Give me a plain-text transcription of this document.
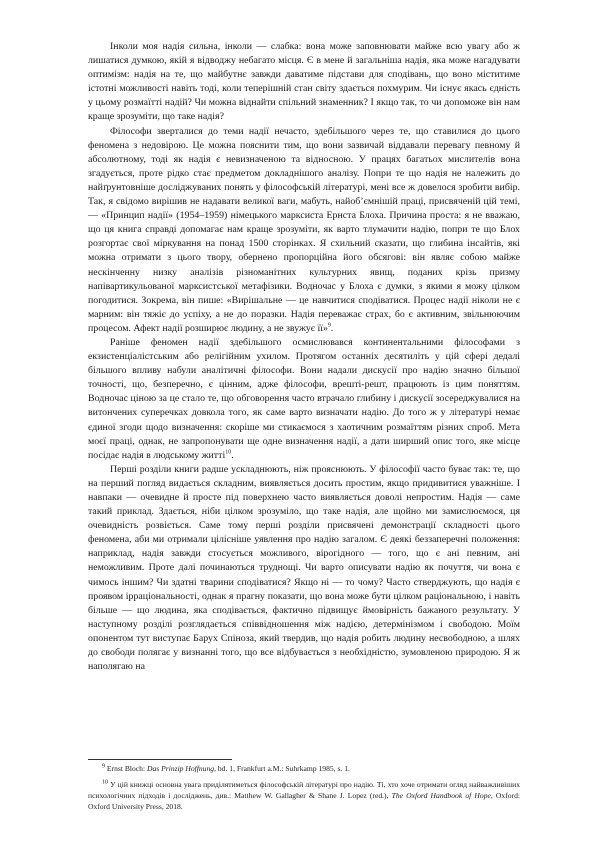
Інколи моя надія сильна, інколи — слабка: вона може заповнювати майже всю увагу або ж лишатися думкою, якій я відводжу небагато місця. Є в мене й загальніша надія, яка може нагадувати оптимізм: надія на те, що майбутнє завжди даватиме підстави для сподівань, що воно міститиме істотні можливості навіть тоді, коли теперішній стан світу здається похмурим. Чи існує якась єдність у цьому розмаїтті надій? Чи можна віднайти спільний знаменник? І якщо так, то чи допоможе він нам краще зрозуміти, що таке надія?

Філософи зверталися до теми надії нечасто, здебільшого через те, що ставилися до цього феномена з недовірою. Це можна пояснити тим, що вони зазвичай віддавали перевагу певному й абсолютному, тоді як надія є невизначеною та відносною. У працях багатьох мислителів вона згадується, проте рідко стає предметом докладнішого аналізу. Попри те що надія не належить до найґрунтовніше досліджуваних понять у філософській літературі, мені все ж довелося зробити вибір. Так, я свідомо вирішив не надавати великої ваги, мабуть, найоб’ємнішій праці, присвяченій цій темі, — «Принцип надії» (1954–1959) німецького марксиста Ернста Блоха. Причина проста: я не вважаю, що ця книга справді допомагає нам краще зрозуміти, як варто тлумачити надію, попри те що Блох розгортає свої міркування на понад 1500 сторінках. Я схильний сказати, що глибина інсайтів, які можна отримати з цього твору, обернено пропорційна його обсягові: він являє собою майже нескінченну низку аналізів різноманітних культурних явищ, поданих крізь призму напівартикульованої марксистської метафізики. Водночас у Блоха є думки, з якими я можу цілком погодитися. Зокрема, він пише: «Вирішальне — це навчитися сподіватися. Процес надії ніколи не є марним: він тяжіє до успіху, а не до поразки. Надія переважає страх, бо є активним, звільнюючим процесом. Афект надії розширює людину, а не звужує її»$^9$.

Раніше феномен надії здебільшого осмислювався континентальними філософами з екзистенціалістським або релігійним ухилом. Протягом останніх десятиліть у цій сфері дедалі більшого впливу набули аналітичні філософи. Вони надали дискусії про надію значно більшої точності, що, безперечно, є цінним, адже філософи, врешті-решт, працюють із цим поняттям. Водночас ціною за це стало те, що обговорення часто втрачало глибину і дискусії зосереджувалися на витончених суперечках довкола того, як саме варто визначати надію. До того ж у літературі немає єдиної згоди щодо визначення: скоріше ми стикаємося з хаотичним розмаїттям різних спроб. Мета моєї праці, однак, не запропонувати ще одне визначення надії, а дати ширший опис того, яке місце посідає надія в людському житті$^{10}$.

Перші розділи книги радше ускладнюють, ніж прояснюють. У філософії часто буває так: те, що на перший погляд видається складним, виявляється досить простим, якщо придивитися уважніше. І навпаки — очевидне й просте під поверхнею часто виявляється доволі непростим. Надія — саме такий приклад. Здається, ніби цілком зрозуміло, що таке надія, але щойно ми замислюємося, ця очевидність розвіється. Саме тому перші розділи присвячені демонстрації складності цього феномена, аби ми отримали цілісніше уявлення про надію загалом. Є деякі беззаперечні положення: наприклад, надія завжди стосується можливого, вірогідного — того, що є ані певним, ані неможливим. Проте далі починаються труднощі. Чи варто описувати надію як почуття, чи вона є чимось іншим? Чи здатні тварини сподіватися? Якщо ні — то чому? Часто стверджують, що надія є проявом ірраціональності, однак я прагну показати, що вона може бути цілком раціональною, і навіть більше — що людина, яка сподівається, фактично підвищує ймовірність бажаного результату. У наступному розділі розглядається співвідношення між надією, детермінізмом і свободою. Моїм опонентом тут виступає Барух Спіноза, який твердив, що надія робить людину несвободною, а шлях до свободи полягає у визнанні того, що все відбувається з необхідністю, зумовленою природою. Я ж наполягаю на

$^9$ Ernst Bloch: Das Prinzip Hoffnung, bd. 1, Frankfurt a.M.: Suhrkamp 1985, s. 1.

$^{10}$ У цій книжці основна увага приділятиметься філософській літературі про надію. Ті, хто хоче отримати огляд найважливіших психологічних підходів і досліджень, див.: Matthew W. Gallagher & Shane J. Lopez (red.), The Oxford Handbook of Hope, Oxford: Oxford University Press, 2018.
